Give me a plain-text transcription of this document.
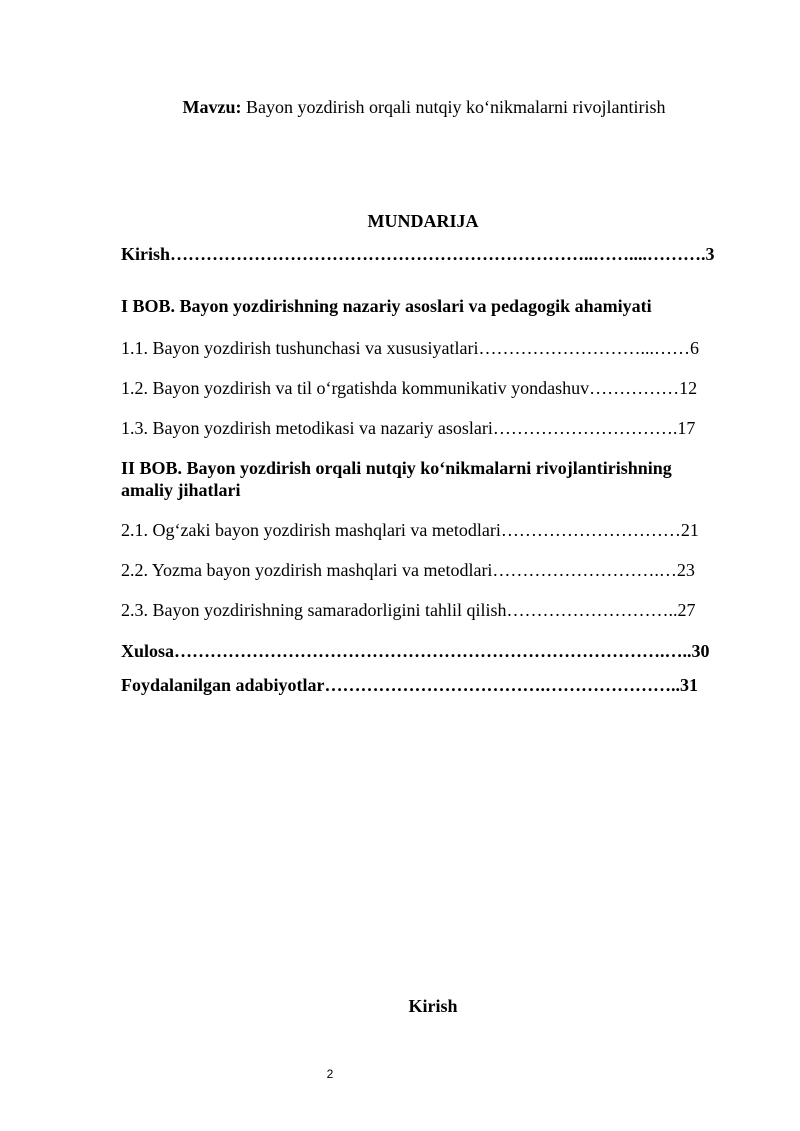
Mavzu: Bayon yozdirish orqali nutqiy ko‘nikmalarni rivojlantirish
MUNDARIJA
Kirish……………………………………………………………..……....……….3
I BOB. Bayon yozdirishning nazariy asoslari va pedagogik ahamiyati
1.1. Bayon yozdirish tushunchasi va xususiyatlari………………………...……6
1.2. Bayon yozdirish va til o‘rgatishda kommunikativ yondashuv……………12
1.3. Bayon yozdirish metodikasi va nazariy asoslari………………………….17
II BOB. Bayon yozdirish orqali nutqiy ko‘nikmalarni rivojlantirishning amaliy jihatlari
2.1. Og‘zaki bayon yozdirish mashqlari va metodlari…………………………21
2.2. Yozma bayon yozdirish mashqlari va metodlari……………………….…23
2.3. Bayon yozdirishning samaradorligini tahlil qilish………………………..27
Xulosa……………………………………………………………………….…..30
Foydalanilgan adabiyotlar……………………………….…………………..31
Kirish
2
